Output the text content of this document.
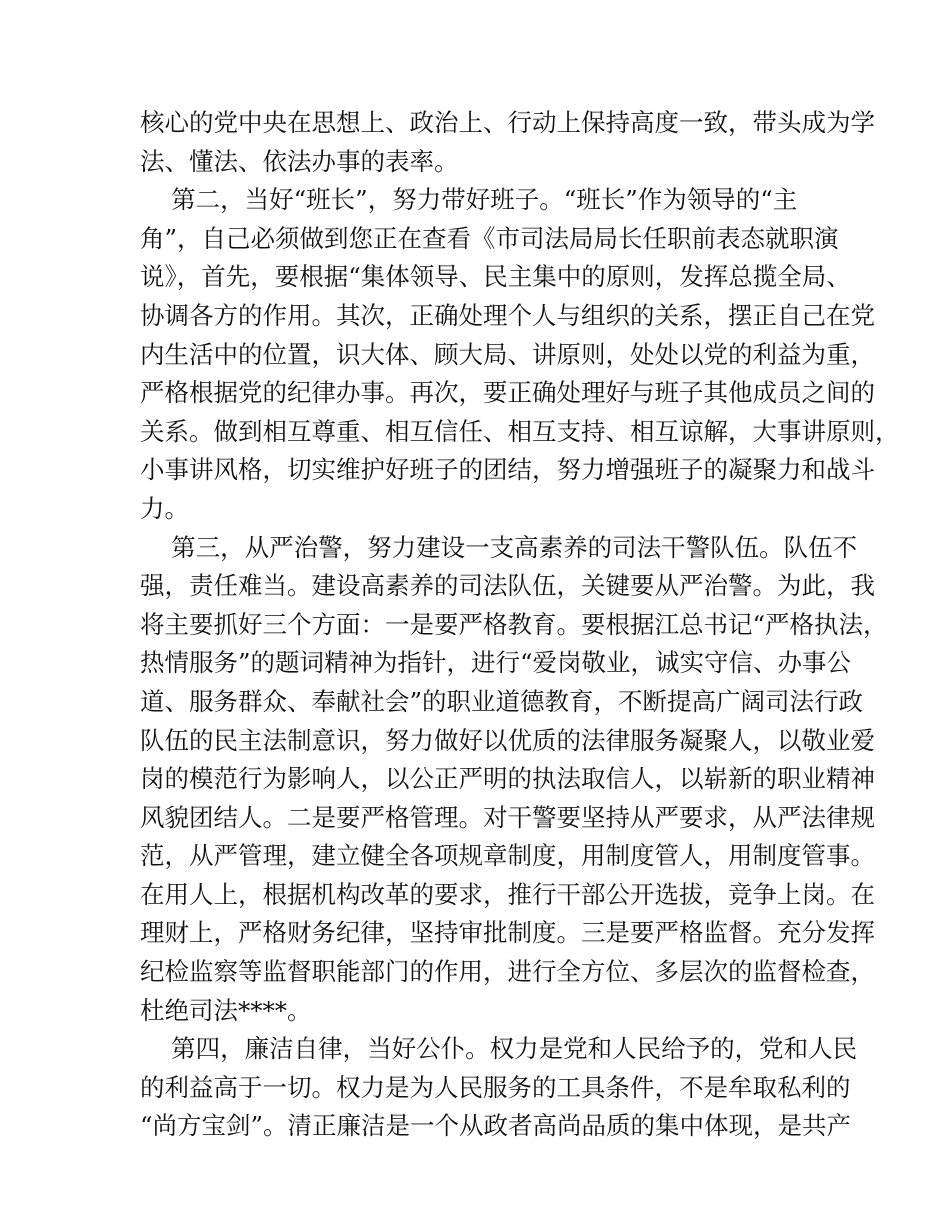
核心的党中央在思想上、政治上、行动上保持高度一致，带头成为学
法、懂法、依法办事的表率。
第二，当好“班长”，努力带好班子。“班长”作为领导的“主
角”，自己必须做到您正在查看《市司法局局长任职前表态就职演
说》，首先，要根据“集体领导、民主集中的原则，发挥总揽全局、
协调各方的作用。其次，正确处理个人与组织的关系，摆正自己在党
内生活中的位置，识大体、顾大局、讲原则，处处以党的利益为重，
严格根据党的纪律办事。再次，要正确处理好与班子其他成员之间的
关系。做到相互尊重、相互信任、相互支持、相互谅解，大事讲原则，
小事讲风格，切实维护好班子的团结，努力增强班子的凝聚力和战斗
力。
第三，从严治警，努力建设一支高素养的司法干警队伍。队伍不
强，责任难当。建设高素养的司法队伍，关键要从严治警。为此，我
将主要抓好三个方面：一是要严格教育。要根据江总书记“严格执法，
热情服务”的题词精神为指针，进行“爱岗敬业，诚实守信、办事公
道、服务群众、奉献社会”的职业道德教育，不断提高广阔司法行政
队伍的民主法制意识，努力做好以优质的法律服务凝聚人，以敬业爱
岗的模范行为影响人，以公正严明的执法取信人，以崭新的职业精神
风貌团结人。二是要严格管理。对干警要坚持从严要求，从严法律规
范，从严管理，建立健全各项规章制度，用制度管人，用制度管事。
在用人上，根据机构改革的要求，推行干部公开选拔，竞争上岗。在
理财上，严格财务纪律，坚持审批制度。三是要严格监督。充分发挥
纪检监察等监督职能部门的作用，进行全方位、多层次的监督检查，
杜绝司法****。
第四，廉洁自律，当好公仆。权力是党和人民给予的，党和人民
的利益高于一切。权力是为人民服务的工具条件，不是牟取私利的
“尚方宝剑”。清正廉洁是一个从政者高尚品质的集中体现，是共产
